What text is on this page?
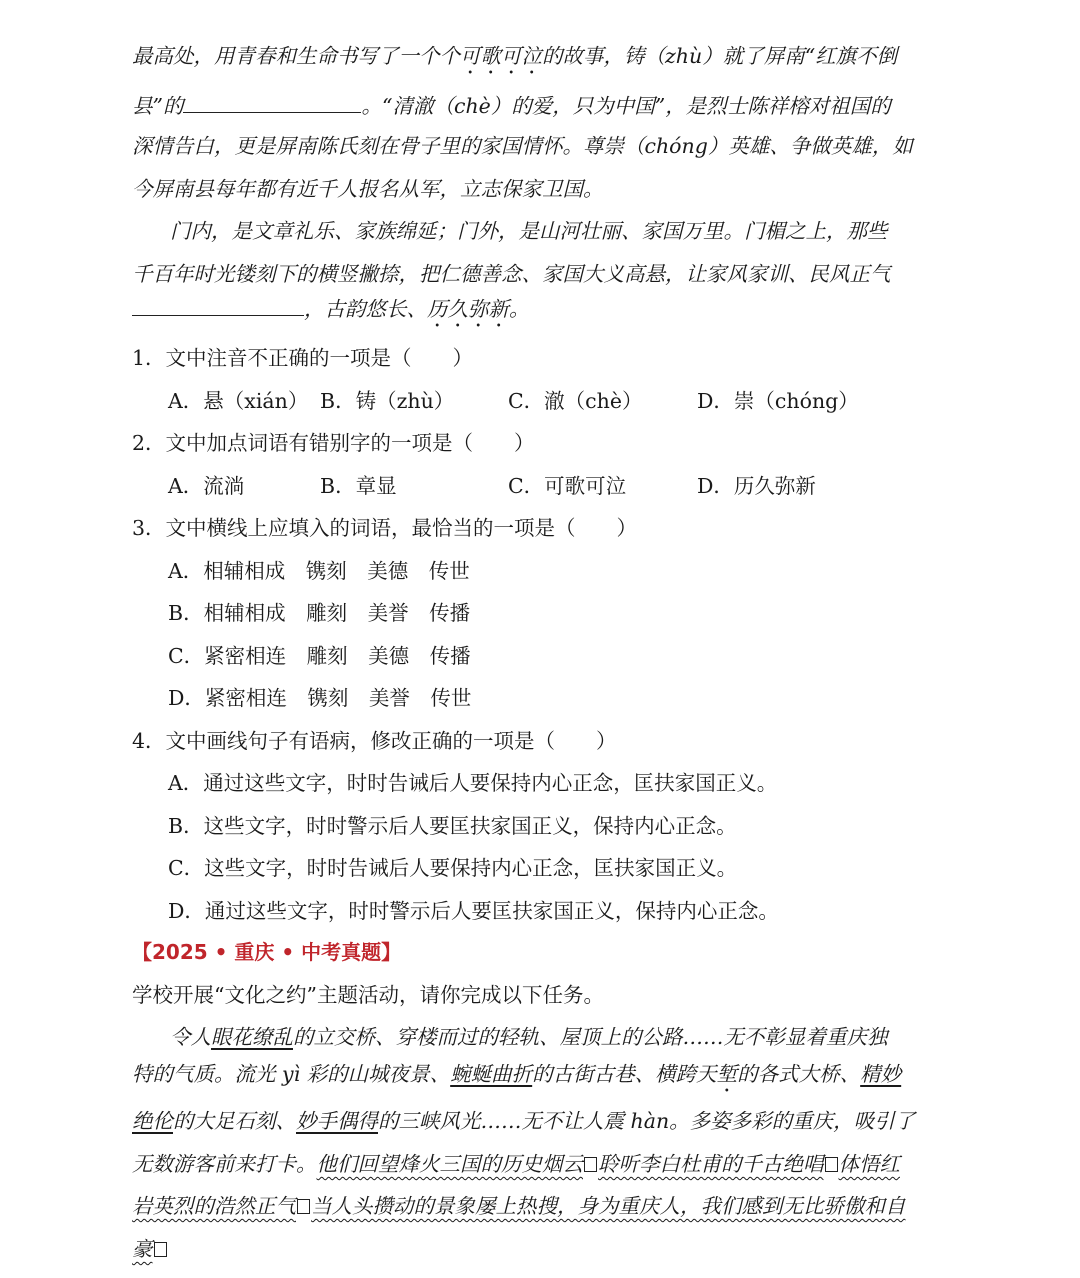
最高处，用青春和生命书写了一个个可歌可泣的故事，铸（zhù）就了屏南“红旗不倒
县”的	。“清澈（chè）的爱，只为中国”，是烈士陈祥榕对祖国的
深情告白，更是屏南陈氏刻在骨子里的家国情怀。尊崇（chóng）英雄、争做英雄，如
今屏南县每年都有近千人报名从军，立志保家卫国。
门内，是文章礼乐、家族绵延；门外，是山河壮丽、家国万里。门楣之上，那些
千百年时光镂刻下的横竖撇捺，把仁德善念、家国大义高悬，让家风家训、民风正气
，古韵悠长、历久弥新。
1．文中注音不正确的一项是（　　）
A．悬（xián） B．铸（zhù）	C．澈（chè）	D．崇（chóng）
2．文中加点词语有错别字的一项是（　　）
A．流淌	B．章显	C．可歌可泣	D．历久弥新
3．文中横线上应填入的词语，最恰当的一项是（　　）
A．相辅相成　镌刻　美德　传世
B．相辅相成　雕刻　美誉　传播
C．紧密相连　雕刻　美德　传播
D．紧密相连　镌刻　美誉　传世
4．文中画线句子有语病，修改正确的一项是（　　）
A．通过这些文字，时时告诫后人要保持内心正念，匡扶家国正义。
B．这些文字，时时警示后人要匡扶家国正义，保持内心正念。
C．这些文字，时时告诫后人要保持内心正念，匡扶家国正义。
D．通过这些文字，时时警示后人要匡扶家国正义，保持内心正念。
【2025 • 重庆 • 中考真题】
学校开展“文化之约”主题活动，请你完成以下任务。
令人眼花缭乱的立交桥、穿楼而过的轻轨、屋顶上的公路……无不彰显着重庆独
特的气质。流光 yì 彩的山城夜景、蜿蜒曲折的古街古巷、横跨天堑的各式大桥、精妙
绝伦的大足石刻、妙手偶得的三峡风光……无不让人震 hàn。多姿多彩的重庆，吸引了
无数游客前来打卡。他们回望烽火三国的历史烟云 聆听李白杜甫的千古绝唱 体悟红
岩英烈的浩然正气 当人头攒动的景象屡上热搜，身为重庆人，我们感到无比骄傲和自
豪
